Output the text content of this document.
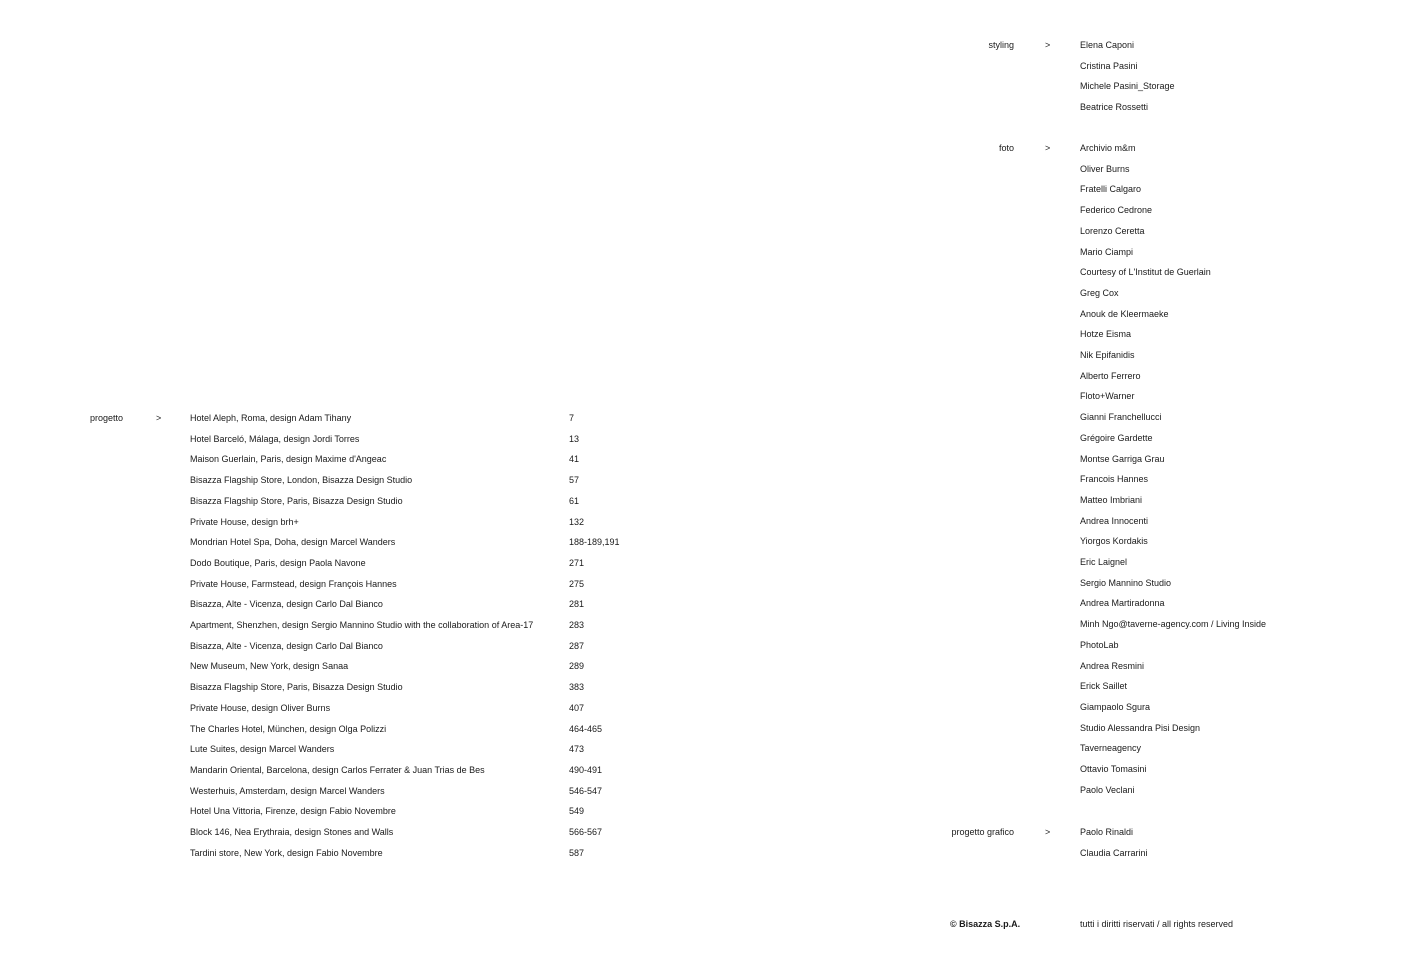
progetto	>	Hotel Aleph, Roma, design Adam Tihany	7
Hotel Barceló, Málaga, design Jordi Torres	13
Maison Guerlain, Paris, design Maxime d'Angeac	41
Bisazza Flagship Store, London, Bisazza Design Studio	57
Bisazza Flagship Store, Paris, Bisazza Design Studio	61
Private House, design brh+	132
Mondrian Hotel Spa, Doha, design Marcel Wanders	188-189,191
Dodo Boutique, Paris, design Paola Navone	271
Private House, Farmstead, design François Hannes	275
Bisazza, Alte - Vicenza, design Carlo Dal Bianco	281
Apartment, Shenzhen, design Sergio Mannino Studio with the collaboration of Area-17	283
Bisazza, Alte - Vicenza, design Carlo Dal Bianco	287
New Museum, New York, design Sanaa	289
Bisazza Flagship Store, Paris, Bisazza Design Studio	383
Private House, design Oliver Burns	407
The Charles Hotel, München, design Olga Polizzi	464-465
Lute Suites, design Marcel Wanders	473
Mandarin Oriental, Barcelona, design Carlos Ferrater & Juan Trias de Bes	490-491
Westerhuis, Amsterdam, design Marcel Wanders	546-547
Hotel Una Vittoria, Firenze, design Fabio Novembre	549
Block 146, Nea Erythraia, design Stones and Walls	566-567
Tardini store, New York, design Fabio Novembre	587
styling	>	Elena Caponi
Cristina Pasini
Michele Pasini_Storage
Beatrice Rossetti
foto	>	Archivio m&m
Oliver Burns
Fratelli Calgaro
Federico Cedrone
Lorenzo Ceretta
Mario Ciampi
Courtesy of L'Institut de Guerlain
Greg Cox
Anouk de Kleermaeke
Hotze Eisma
Nik Epifanidis
Alberto Ferrero
Floto+Warner
Gianni Franchellucci
Grégoire Gardette
Montse Garriga Grau
Francois Hannes
Matteo Imbriani
Andrea Innocenti
Yiorgos Kordakis
Eric Laignel
Sergio Mannino Studio
Andrea Martiradonna
Minh Ngo@taverne-agency.com / Living Inside
PhotoLab
Andrea Resmini
Erick Saillet
Giampaolo Sgura
Studio Alessandra Pisi Design
Taverneagency
Ottavio Tomasini
Paolo Veclani
progetto grafico	>	Paolo Rinaldi
Claudia Carrarini
© Bisazza S.p.A.	tutti i diritti riservati / all rights reserved
